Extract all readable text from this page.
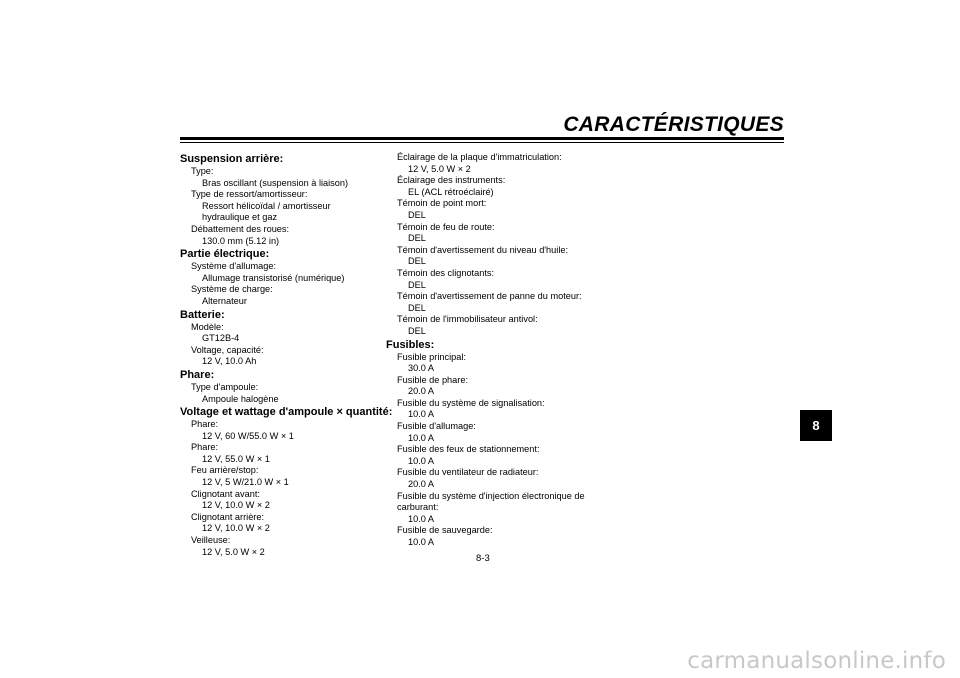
CARACTÉRISTIQUES
8
Suspension arrière:
Type:
Bras oscillant (suspension à liaison)
Type de ressort/amortisseur:
Ressort hélicoïdal / amortisseur
hydraulique et gaz
Débattement des roues:
130.0 mm (5.12 in)
Partie électrique:
Système d'allumage:
Allumage transistorisé (numérique)
Système de charge:
Alternateur
Batterie:
Modèle:
GT12B-4
Voltage, capacité:
12 V, 10.0 Ah
Phare:
Type d'ampoule:
Ampoule halogène
Voltage et wattage d'ampoule × quantité:
Phare:
12 V, 60 W/55.0 W × 1
Phare:
12 V, 55.0 W × 1
Feu arrière/stop:
12 V, 5 W/21.0 W × 1
Clignotant avant:
12 V, 10.0 W × 2
Clignotant arrière:
12 V, 10.0 W × 2
Veilleuse:
12 V, 5.0 W × 2
Éclairage de la plaque d'immatriculation:
12 V, 5.0 W × 2
Éclairage des instruments:
EL (ACL rétroéclairé)
Témoin de point mort:
DEL
Témoin de feu de route:
DEL
Témoin d'avertissement du niveau d'huile:
DEL
Témoin des clignotants:
DEL
Témoin d'avertissement de panne du moteur:
DEL
Témoin de l'immobilisateur antivol:
DEL
Fusibles:
Fusible principal:
30.0 A
Fusible de phare:
20.0 A
Fusible du système de signalisation:
10.0 A
Fusible d'allumage:
10.0 A
Fusible des feux de stationnement:
10.0 A
Fusible du ventilateur de radiateur:
20.0 A
Fusible du système d'injection électronique de
carburant:
10.0 A
Fusible de sauvegarde:
10.0 A
8-3
carmanualsonline.info
